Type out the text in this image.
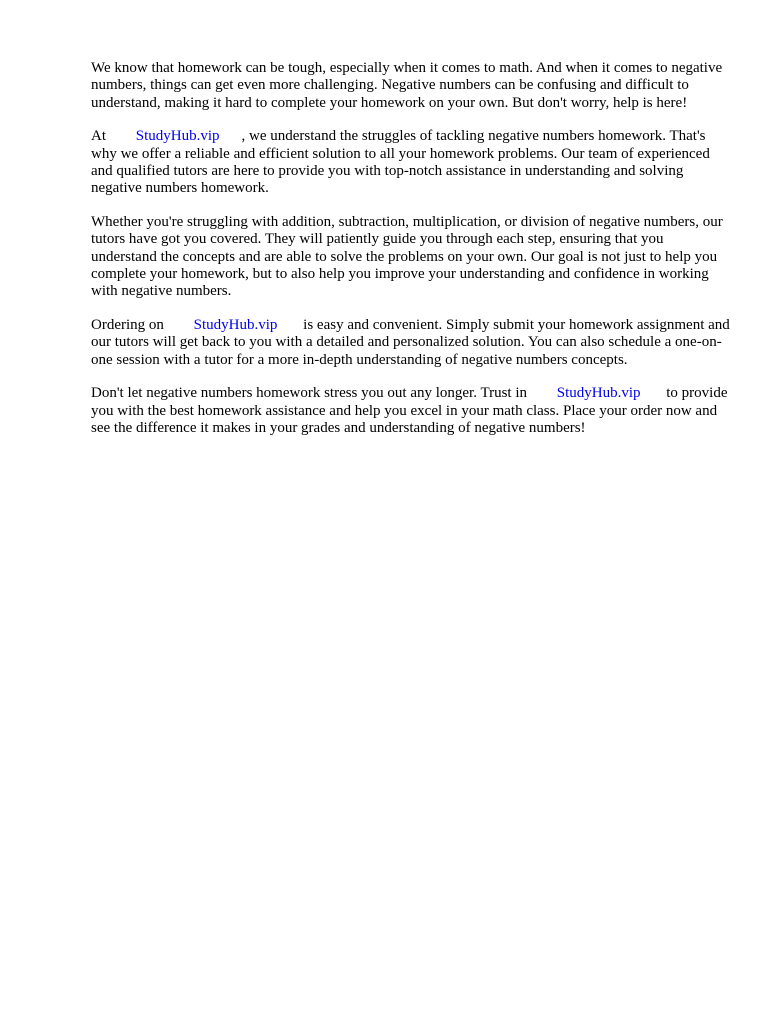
We know that homework can be tough, especially when it comes to math. And when it comes to negative numbers, things can get even more challenging. Negative numbers can be confusing and difficult to understand, making it hard to complete your homework on your own. But don't worry, help is here!

At StudyHub.vip , we understand the struggles of tackling negative numbers homework. That's why we offer a reliable and efficient solution to all your homework problems. Our team of experienced and qualified tutors are here to provide you with top-notch assistance in understanding and solving negative numbers homework.

Whether you're struggling with addition, subtraction, multiplication, or division of negative numbers, our tutors have got you covered. They will patiently guide you through each step, ensuring that you understand the concepts and are able to solve the problems on your own. Our goal is not just to help you complete your homework, but to also help you improve your understanding and confidence in working with negative numbers.

Ordering on StudyHub.vip is easy and convenient. Simply submit your homework assignment and our tutors will get back to you with a detailed and personalized solution. You can also schedule a one-on-one session with a tutor for a more in-depth understanding of negative numbers concepts.

Don't let negative numbers homework stress you out any longer. Trust in StudyHub.vip to provide you with the best homework assistance and help you excel in your math class. Place your order now and see the difference it makes in your grades and understanding of negative numbers!
